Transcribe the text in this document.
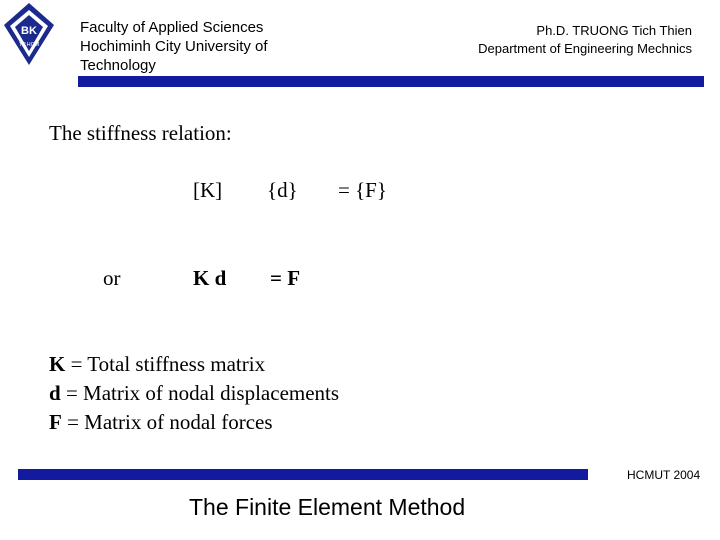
BK
TP.HCM
Faculty of Applied Sciences
Hochiminh City University of
Technology
Ph.D. TRUONG Tich Thien
Department of Engineering Mechnics
The stiffness relation:
[K] {d} = {F}
or	K d = F
K = Total stiffness matrix
d = Matrix of nodal displacements
F = Matrix of nodal forces
HCMUT 2004
The Finite Element Method
